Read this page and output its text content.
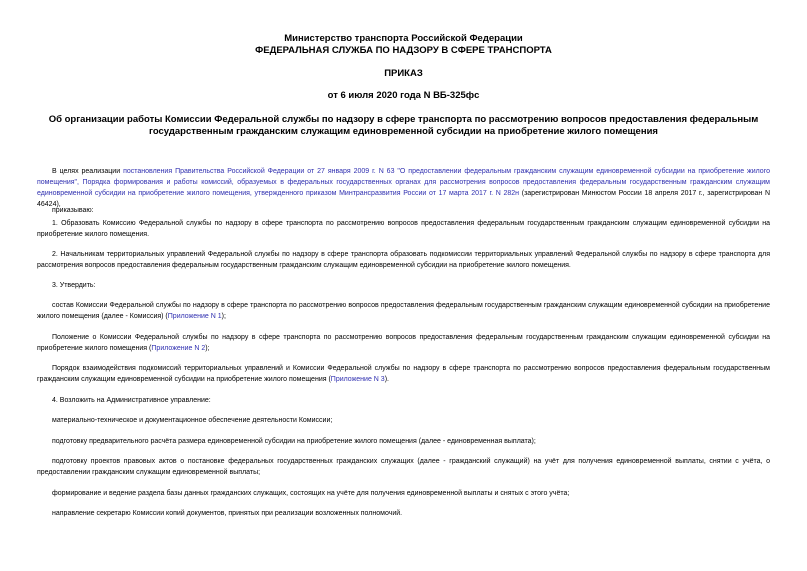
Министерство транспорта Российской Федерации
ФЕДЕРАЛЬНАЯ СЛУЖБА ПО НАДЗОРУ В СФЕРЕ ТРАНСПОРТА
ПРИКАЗ
от 6 июля 2020 года N ВБ-325фс
Об организации работы Комиссии Федеральной службы по надзору в сфере транспорта по рассмотрению вопросов предоставления федеральным
государственным гражданским служащим единовременной субсидии на приобретение жилого помещения
В целях реализации постановления Правительства Российской Федерации от 27 января 2009 г. N 63 "О предоставлении федеральным гражданским служащим единовременной субсидии на приобретение жилого помещения", Порядка формирования и работы комиссий, образуемых в федеральных государственных органах для рассмотрения вопросов предоставления федеральным государственным гражданским служащим единовременной субсидии на приобретение жилого помещения, утвержденного приказом Минтрансразвития России от 17 марта 2017 г. N 282н (зарегистрирован Минюстом России 18 апреля 2017 г., зарегистрирован N 46424),
приказываю:
1. Образовать Комиссию Федеральной службы по надзору в сфере транспорта по рассмотрению вопросов предоставления федеральным государственным гражданским служащим единовременной субсидии на приобретение жилого помещения.
2. Начальникам территориальных управлений Федеральной службы по надзору в сфере транспорта образовать подкомиссии территориальных управлений Федеральной службы по надзору в сфере транспорта для рассмотрения вопросов предоставления федеральным государственным гражданским служащим единовременной субсидии на приобретение жилого помещения.
3. Утвердить:
состав Комиссии Федеральной службы по надзору в сфере транспорта по рассмотрению вопросов предоставления федеральным государственным гражданским служащим единовременной субсидии на приобретение жилого помещения (далее - Комиссия) (Приложение N 1);
Положение о Комиссии Федеральной службы по надзору в сфере транспорта по рассмотрению вопросов предоставления федеральным государственным гражданским служащим единовременной субсидии на приобретение жилого помещения (Приложение N 2);
Порядок взаимодействия подкомиссий территориальных управлений и Комиссии Федеральной службы по надзору в сфере транспорта по рассмотрению вопросов предоставления федеральным государственным гражданским служащим единовременной субсидии на приобретение жилого помещения (Приложение N 3).
4. Возложить на Административное управление:
материально-техническое и документационное обеспечение деятельности Комиссии;
подготовку предварительного расчёта размера единовременной субсидии на приобретение жилого помещения (далее - единовременная выплата);
подготовку проектов правовых актов о постановке федеральных государственных гражданских служащих (далее - гражданский служащий) на учёт для получения единовременной выплаты, снятии с учёта, о предоставлении гражданским служащим единовременной выплаты;
формирование и ведение раздела базы данных гражданских служащих, состоящих на учёте для получения единовременной выплаты и снятых с этого учёта;
направление секретарю Комиссии копий документов, принятых при реализации возложенных полномочий.
